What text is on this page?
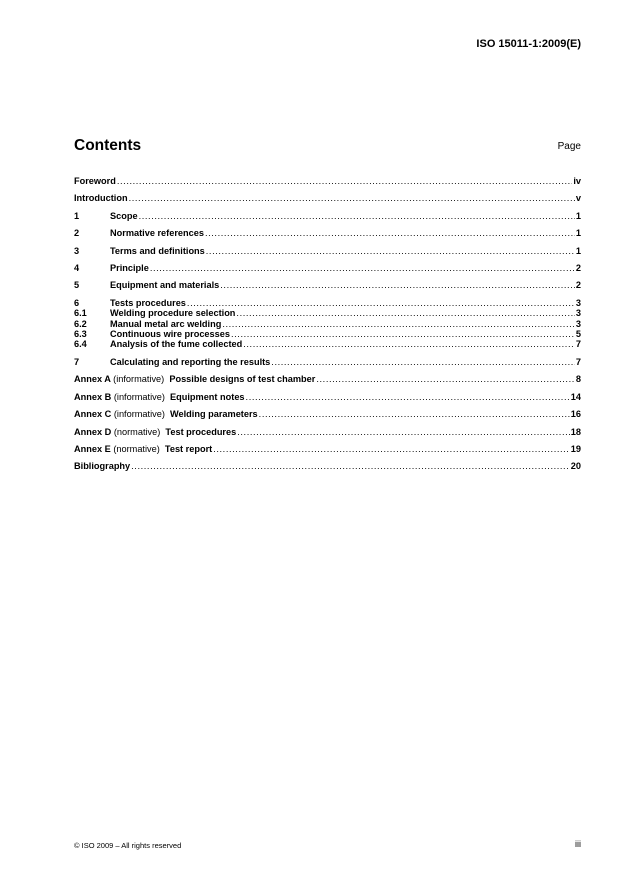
ISO 15011-1:2009(E)
Contents	Page
Foreword .....	iv
Introduction .....	v
1	Scope .....	1
2	Normative references .....	1
3	Terms and definitions .....	1
4	Principle .....	2
5	Equipment and materials .....	2
6	Tests procedures .....	3
6.1	Welding procedure selection .....	3
6.2	Manual metal arc welding .....	3
6.3	Continuous wire processes .....	5
6.4	Analysis of the fume collected .....	7
7	Calculating and reporting the results .....	7
Annex A (informative) Possible designs of test chamber .....	8
Annex B (informative) Equipment notes .....	14
Annex C (informative) Welding parameters .....	16
Annex D (normative) Test procedures .....	18
Annex E (normative) Test report .....	19
Bibliography .....	20
© ISO 2009 – All rights reserved	iii
